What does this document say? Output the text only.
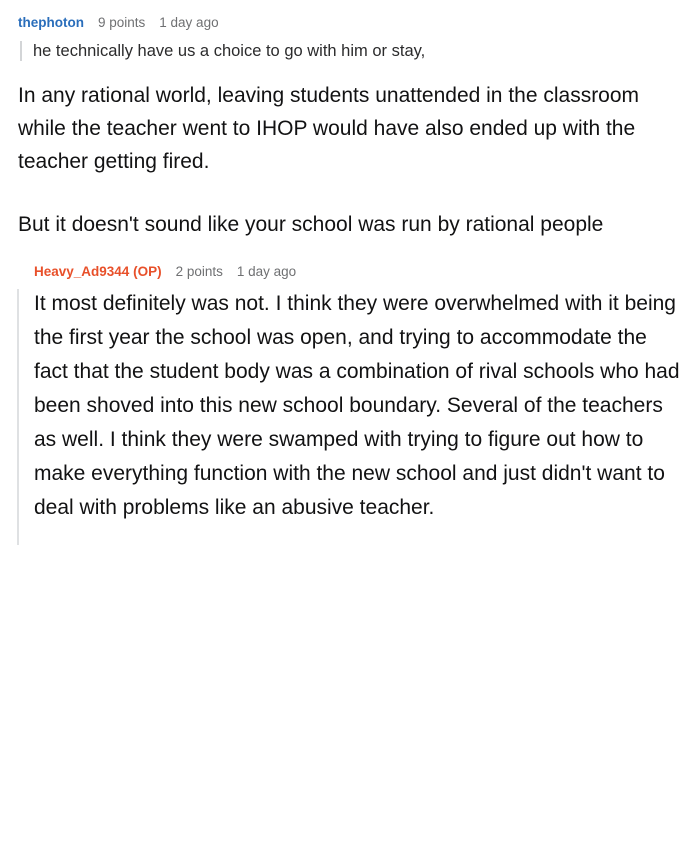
thephoton 9 points 1 day ago
he technically have us a choice to go with him or stay,

In any rational world, leaving students unattended in the classroom while the teacher went to IHOP would have also ended up with the teacher getting fired.

But it doesn't sound like your school was run by rational people

Heavy_Ad9344 (OP) 2 points 1 day ago

It most definitely was not. I think they were overwhelmed with it being the first year the school was open, and trying to accommodate the fact that the student body was a combination of rival schools who had been shoved into this new school boundary. Several of the teachers as well. I think they were swamped with trying to figure out how to make everything function with the new school and just didn't want to deal with problems like an abusive teacher.
